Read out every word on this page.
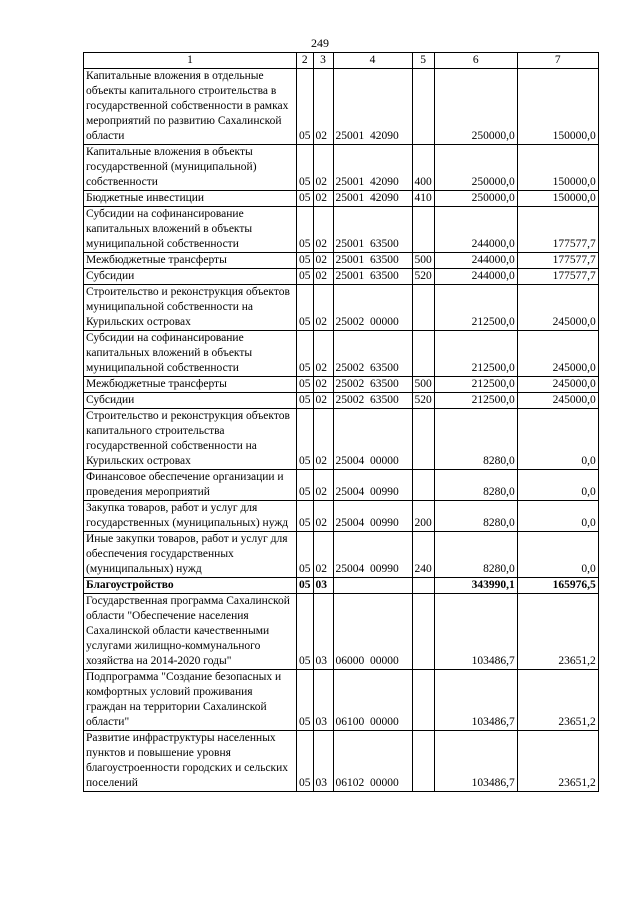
249
1	2	3	4	5	6	7
Капитальные вложения в отдельные объекты капитального строительства в государственной собственности в рамках мероприятий по развитию Сахалинской области	05	02	25001  42090		250000,0	150000,0
Капитальные вложения в объекты государственной (муниципальной) собственности	05	02	25001  42090	400	250000,0	150000,0
Бюджетные инвестиции	05	02	25001  42090	410	250000,0	150000,0
Субсидии на софинансирование капитальных вложений в объекты муниципальной собственности	05	02	25001  63500		244000,0	177577,7
Межбюджетные трансферты	05	02	25001  63500	500	244000,0	177577,7
Субсидии	05	02	25001  63500	520	244000,0	177577,7
Строительство и реконструкция объектов муниципальной собственности на Курильских островах	05	02	25002  00000		212500,0	245000,0
Субсидии на софинансирование капитальных вложений в объекты муниципальной собственности	05	02	25002  63500		212500,0	245000,0
Межбюджетные трансферты	05	02	25002  63500	500	212500,0	245000,0
Субсидии	05	02	25002  63500	520	212500,0	245000,0
Строительство и реконструкция объектов капитального строительства государственной собственности на Курильских островах	05	02	25004  00000		8280,0	0,0
Финансовое обеспечение организации и проведения мероприятий	05	02	25004  00990		8280,0	0,0
Закупка товаров, работ и услуг для государственных (муниципальных) нужд	05	02	25004  00990	200	8280,0	0,0
Иные закупки товаров, работ и услуг для обеспечения государственных (муниципальных) нужд	05	02	25004  00990	240	8280,0	0,0
Благоустройство	05	03			343990,1	165976,5
Государственная программа Сахалинской области "Обеспечение населения Сахалинской области качественными услугами жилищно-коммунального хозяйства на 2014-2020 годы"	05	03	06000  00000		103486,7	23651,2
Подпрограмма "Создание безопасных и комфортных условий проживания граждан на территории Сахалинской области"	05	03	06100  00000		103486,7	23651,2
Развитие инфраструктуры населенных пунктов и повышение уровня благоустроенности городских и сельских поселений	05	03	06102  00000		103486,7	23651,2
